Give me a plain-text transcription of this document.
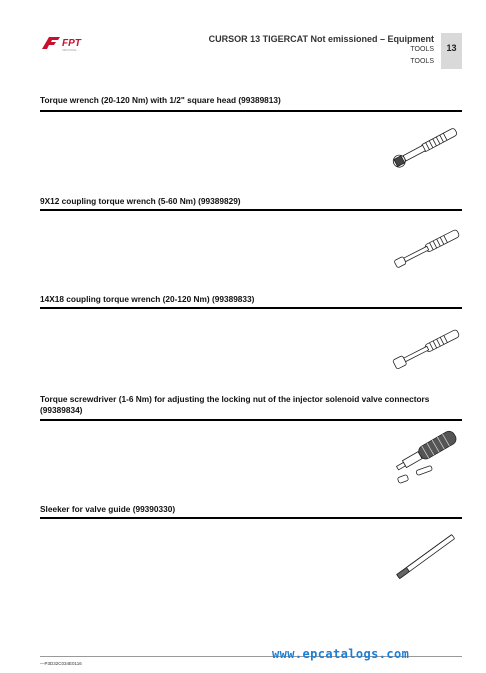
FPT
INDUSTRIAL
CURSOR 13 TIGERCAT Not emissioned – Equipment
TOOLS
TOOLS
13
Torque wrench (20-120 Nm) with 1/2" square head (99389813)
9X12 coupling torque wrench (5-60 Nm) (99389829)
14X18 coupling torque wrench (20-120 Nm) (99389833)
Torque screwdriver (1-6 Nm) for adjusting the locking nut of the injector solenoid valve connectors (99389834)
Sleeker for valve guide (99390330)
—P3D32C034E0116
www.epcatalogs.com
